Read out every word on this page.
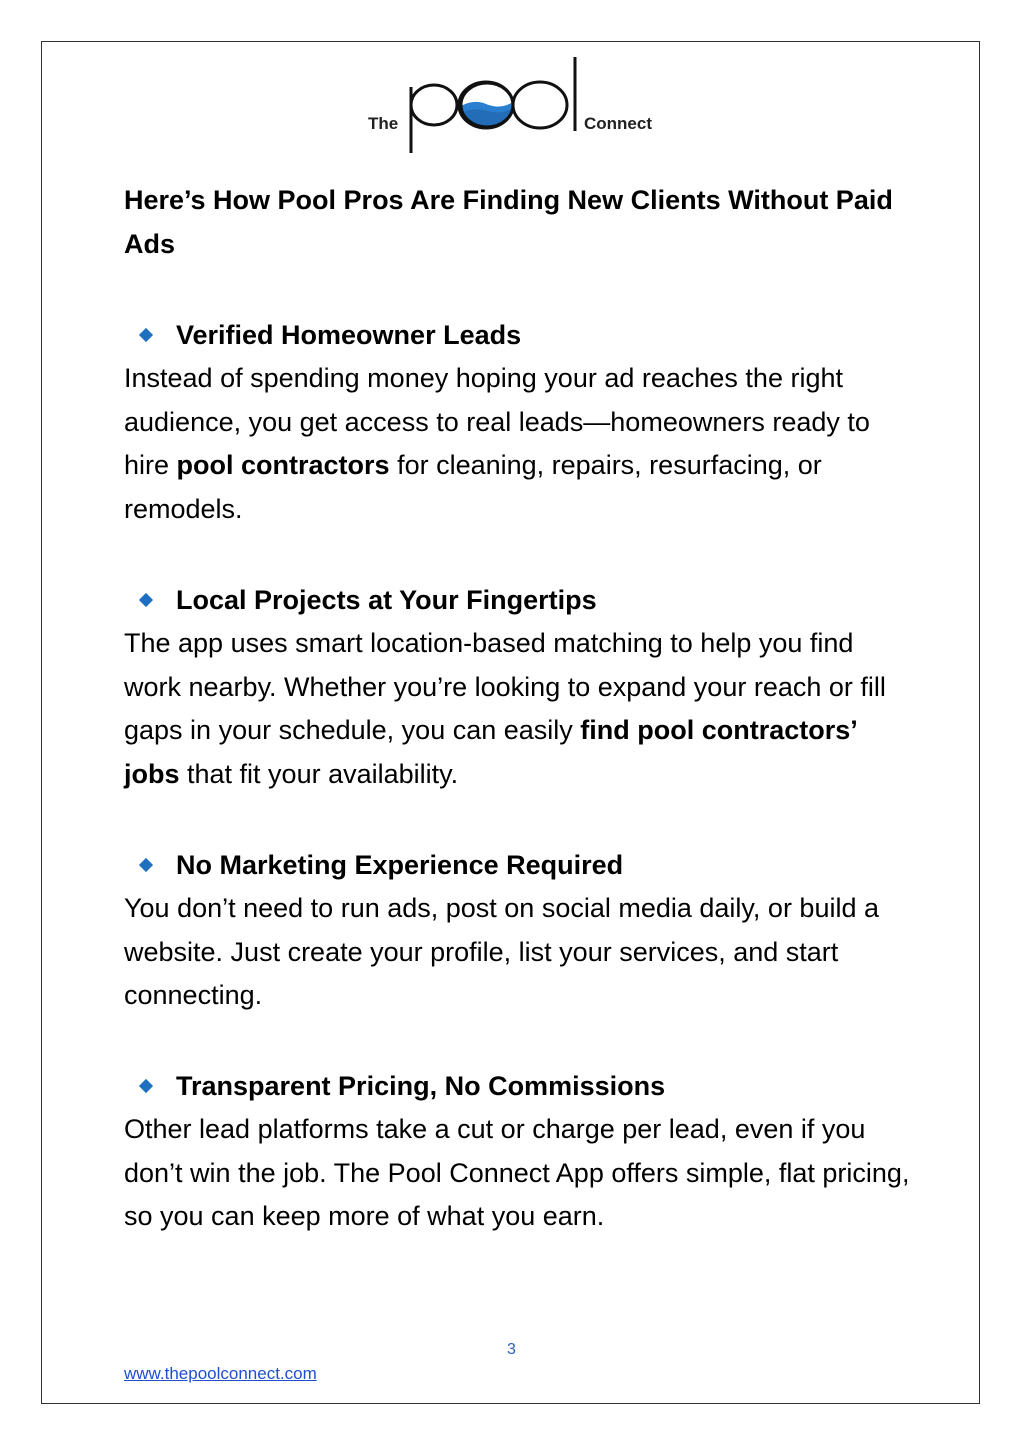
The	Connect
Here’s How Pool Pros Are Finding New Clients Without Paid Ads
Verified Homeowner Leads

Instead of spending money hoping your ad reaches the right audience, you get access to real leads—homeowners ready to hire pool contractors for cleaning, repairs, resurfacing, or remodels.

Local Projects at Your Fingertips

The app uses smart location-based matching to help you find work nearby. Whether you’re looking to expand your reach or fill gaps in your schedule, you can easily find pool contractors’ jobs that fit your availability.

No Marketing Experience Required

You don’t need to run ads, post on social media daily, or build a website. Just create your profile, list your services, and start connecting.

Transparent Pricing, No Commissions

Other lead platforms take a cut or charge per lead, even if you don’t win the job. The Pool Connect App offers simple, flat pricing, so you can keep more of what you earn.

3
www.thepoolconnect.com
